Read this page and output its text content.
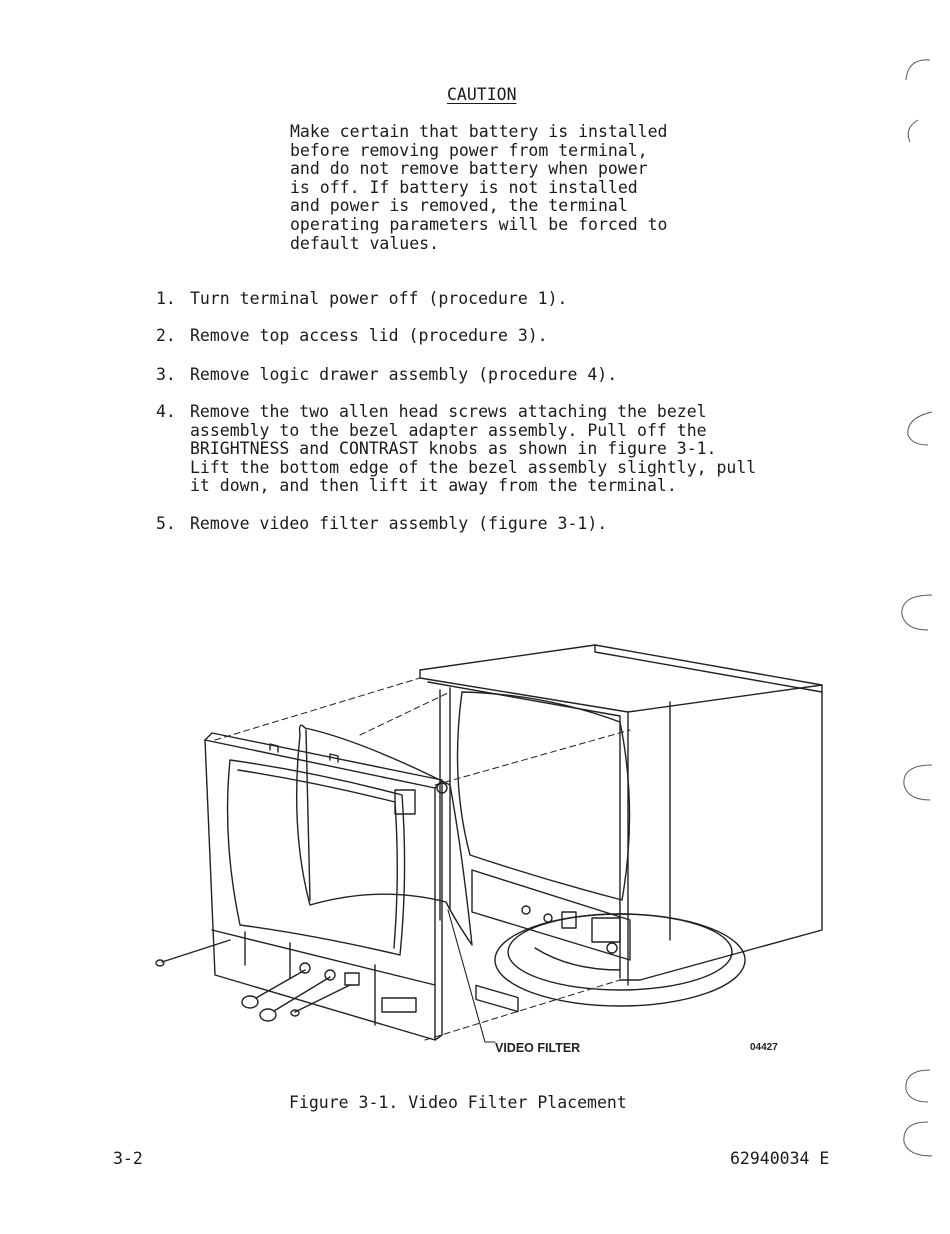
CAUTION
Make certain that battery is installed
before removing power from terminal,
and do not remove battery when power
is off. If battery is not installed
and power is removed, the terminal
operating parameters will be forced to
default values.
1. Turn terminal power off (procedure 1).
2. Remove top access lid (procedure 3).
3. Remove logic drawer assembly (procedure 4).
4. Remove the two allen head screws attaching the bezel
assembly to the bezel adapter assembly. Pull off the
BRIGHTNESS and CONTRAST knobs as shown in figure 3-1.
Lift the bottom edge of the bezel assembly slightly, pull
it down, and then lift it away from the terminal.
5. Remove video filter assembly (figure 3-1).
VIDEO FILTER	04427
Figure 3-1. Video Filter Placement
3-2	62940034 E
